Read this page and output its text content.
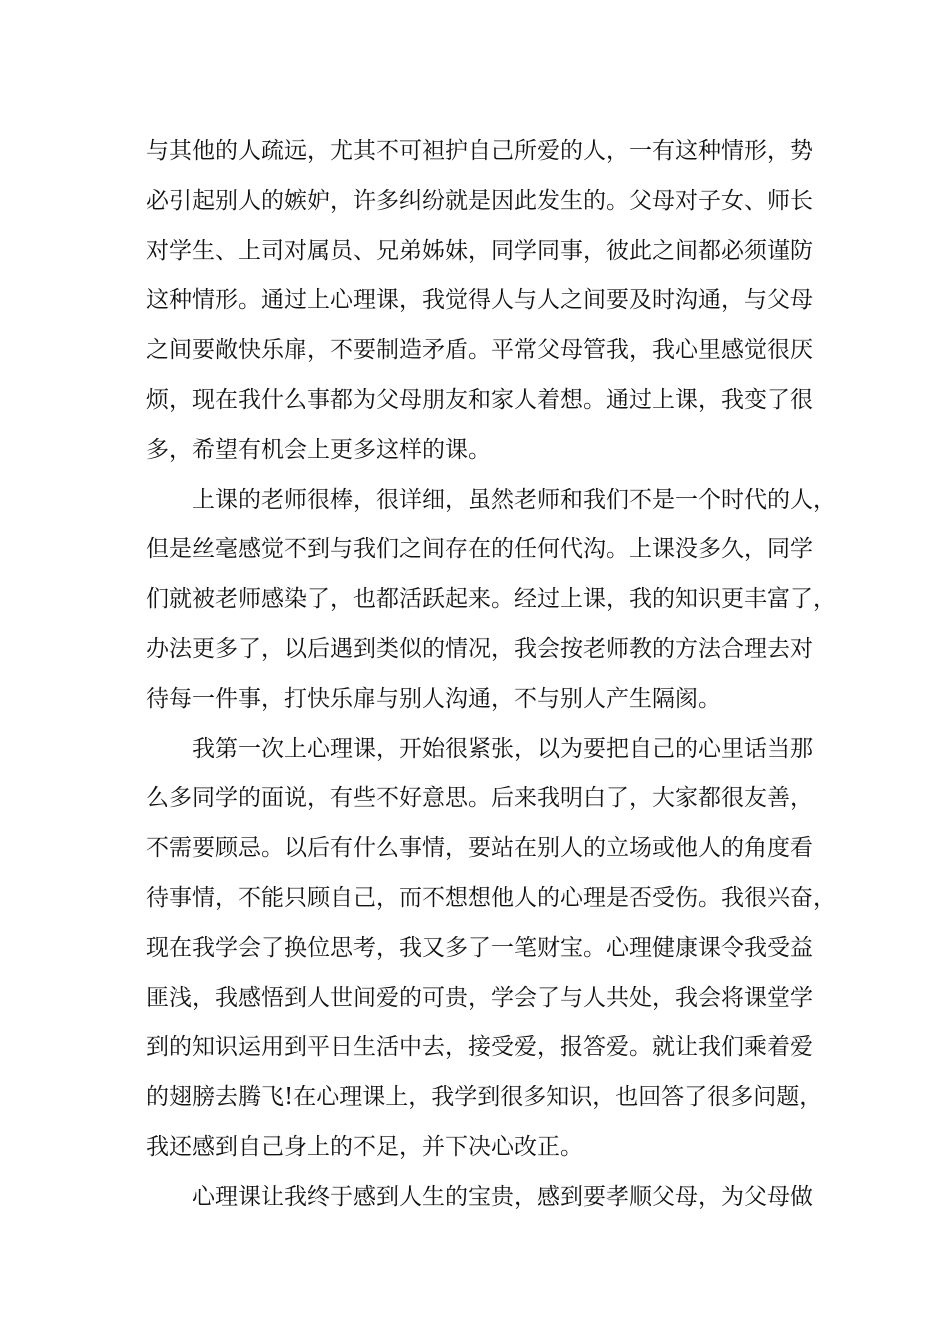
与其他的人疏远，尤其不可袒护自己所爱的人，一有这种情形，势
必引起别人的嫉妒，许多纠纷就是因此发生的。父母对子女、师长
对学生、上司对属员、兄弟姊妹，同学同事，彼此之间都必须谨防
这种情形。通过上心理课，我觉得人与人之间要及时沟通，与父母
之间要敞快乐扉，不要制造矛盾。平常父母管我，我心里感觉很厌
烦，现在我什么事都为父母朋友和家人着想。通过上课，我变了很
多，希望有机会上更多这样的课。
上课的老师很棒，很详细，虽然老师和我们不是一个时代的人，
但是丝毫感觉不到与我们之间存在的任何代沟。上课没多久，同学
们就被老师感染了，也都活跃起来。经过上课，我的知识更丰富了，
办法更多了，以后遇到类似的情况，我会按老师教的方法合理去对
待每一件事，打快乐扉与别人沟通，不与别人产生隔阂。
我第一次上心理课，开始很紧张，以为要把自己的心里话当那
么多同学的面说，有些不好意思。后来我明白了，大家都很友善，
不需要顾忌。以后有什么事情，要站在别人的立场或他人的角度看
待事情，不能只顾自己，而不想想他人的心理是否受伤。我很兴奋，
现在我学会了换位思考，我又多了一笔财宝。心理健康课令我受益
匪浅，我感悟到人世间爱的可贵，学会了与人共处，我会将课堂学
到的知识运用到平日生活中去，接受爱，报答爱。就让我们乘着爱
的翅膀去腾飞!在心理课上，我学到很多知识，也回答了很多问题，
我还感到自己身上的不足，并下决心改正。
心理课让我终于感到人生的宝贵，感到要孝顺父母，为父母做
